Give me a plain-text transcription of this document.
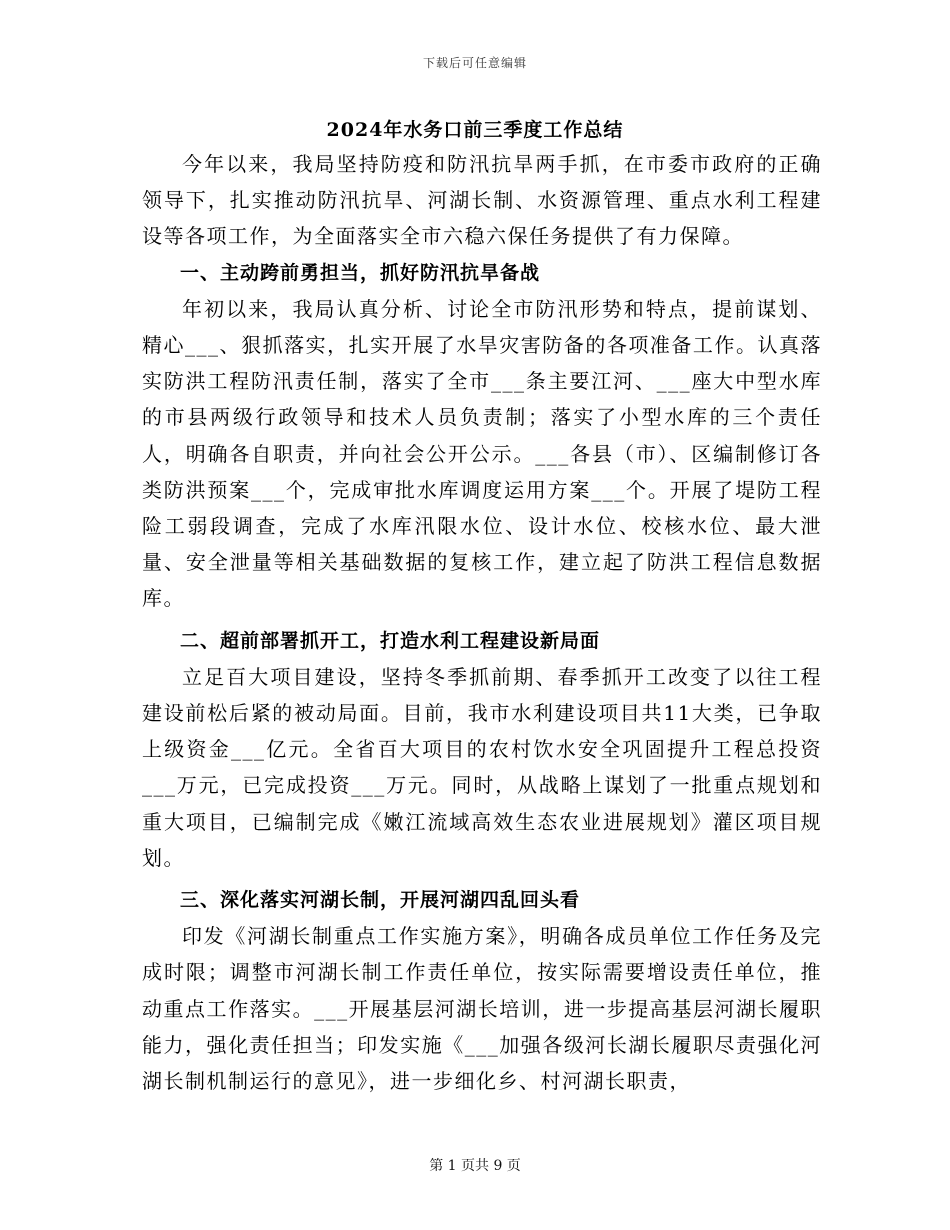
下载后可任意编辑
2024年水务口前三季度工作总结

今年以来，我局坚持防疫和防汛抗旱两手抓，在市委市政府的正确领导下，扎实推动防汛抗旱、河湖长制、水资源管理、重点水利工程建设等各项工作，为全面落实全市六稳六保任务提供了有力保障。

一、主动跨前勇担当，抓好防汛抗旱备战

年初以来，我局认真分析、讨论全市防汛形势和特点，提前谋划、精心___、狠抓落实，扎实开展了水旱灾害防备的各项准备工作。认真落实防洪工程防汛责任制，落实了全市___条主要江河、___座大中型水库的市县两级行政领导和技术人员负责制；落实了小型水库的三个责任人，明确各自职责，并向社会公开公示。___各县（市）、区编制修订各类防洪预案___个，完成审批水库调度运用方案___个。开展了堤防工程险工弱段调查，完成了水库汛限水位、设计水位、校核水位、最大泄量、安全泄量等相关基础数据的复核工作，建立起了防洪工程信息数据库。

二、超前部署抓开工，打造水利工程建设新局面

立足百大项目建设，坚持冬季抓前期、春季抓开工改变了以往工程建设前松后紧的被动局面。目前，我市水利建设项目共11大类，已争取上级资金___亿元。全省百大项目的农村饮水安全巩固提升工程总投资___万元，已完成投资___万元。同时，从战略上谋划了一批重点规划和重大项目，已编制完成《嫩江流域高效生态农业进展规划》灌区项目规划。

三、深化落实河湖长制，开展河湖四乱回头看

印发《河湖长制重点工作实施方案》，明确各成员单位工作任务及完成时限；调整市河湖长制工作责任单位，按实际需要增设责任单位，推动重点工作落实。___开展基层河湖长培训，进一步提高基层河湖长履职能力，强化责任担当；印发实施《___加强各级河长湖长履职尽责强化河湖长制机制运行的意见》，进一步细化乡、村河湖长职责，

第 1 页共 9 页
